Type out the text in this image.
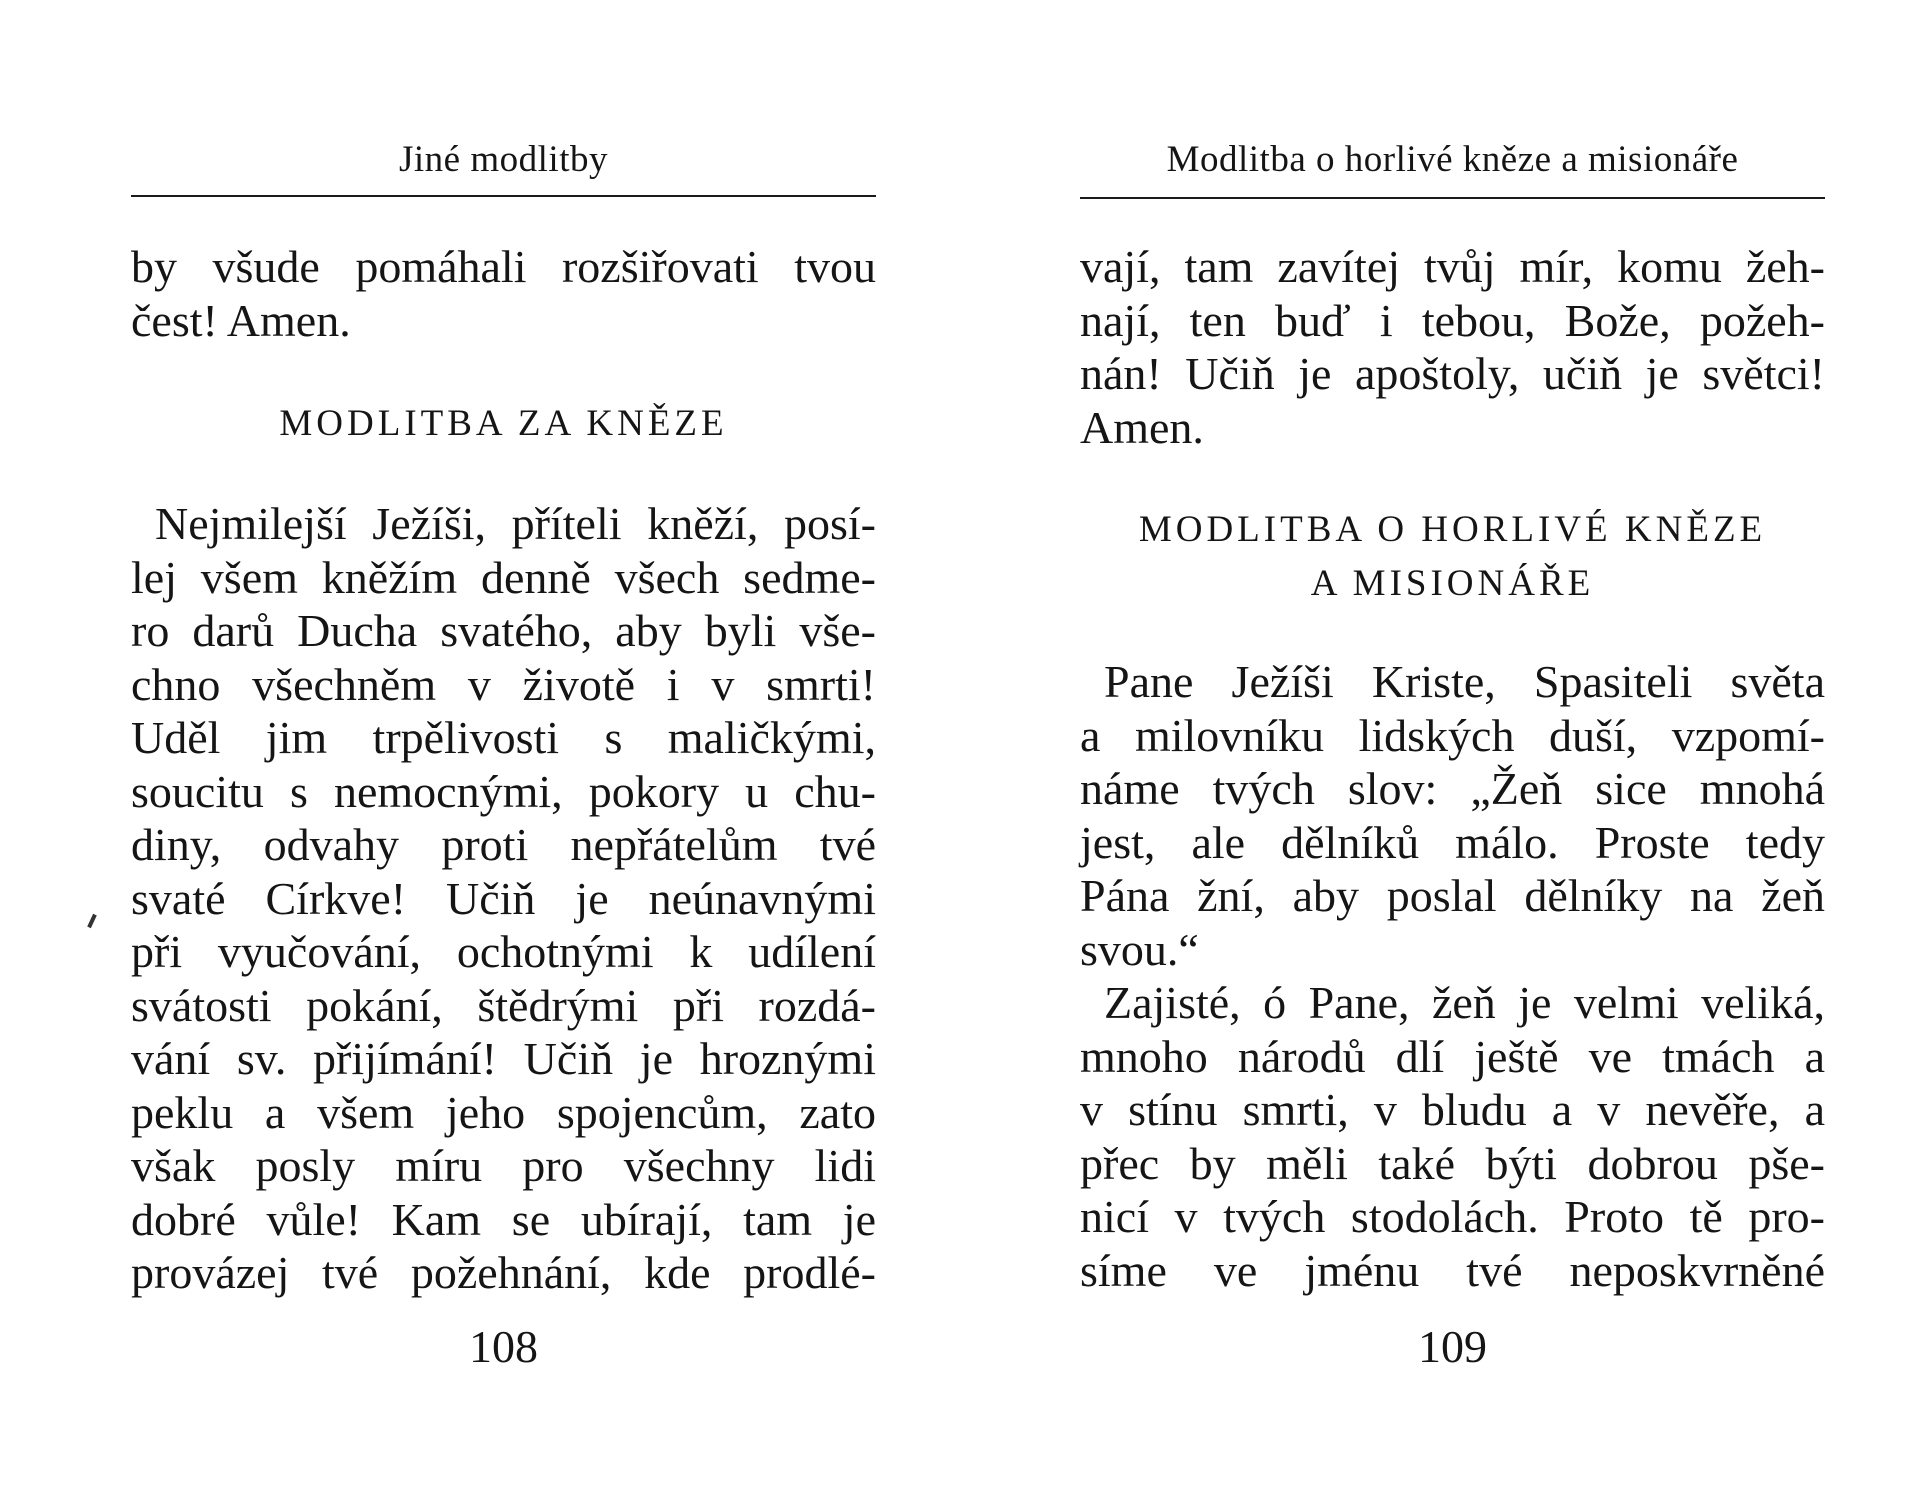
Jiné modlitby
by všude pomáhali rozšiřovati tvou
čest! Amen.
MODLITBA ZA KNĚZE
Nejmilejší Ježíši, příteli kněží, posí-
lej všem kněžím denně všech sedme-
ro darů Ducha svatého, aby byli vše-
chno všechněm v životě i v smrti!
Uděl jim trpělivosti s maličkými,
soucitu s nemocnými, pokory u chu-
diny, odvahy proti nepřátelům tvé
svaté Církve! Učiň je neúnavnými
při vyučování, ochotnými k udílení
svátosti pokání, štědrými při rozdá-
vání sv. přijímání! Učiň je hroznými
peklu a všem jeho spojencům, zato
však posly míru pro všechny lidi
dobré vůle! Kam se ubírají, tam je
provázej tvé požehnání, kde prodlé-
108
Modlitba o horlivé kněze a misionáře
vají, tam zavítej tvůj mír, komu žeh-
nají, ten buď i tebou, Bože, požeh-
nán! Učiň je apoštoly, učiň je světci!
Amen.
MODLITBA O HORLIVÉ KNĚZE
A MISIONÁŘE
Pane Ježíši Kriste, Spasiteli světa
a milovníku lidských duší, vzpomí-
náme tvých slov: „Žeň sice mnohá
jest, ale dělníků málo. Proste tedy
Pána žní, aby poslal dělníky na žeň
svou.“
Zajisté, ó Pane, žeň je velmi veliká,
mnoho národů dlí ještě ve tmách a
v stínu smrti, v bludu a v nevěře, a
přec by měli také býti dobrou pše-
nicí v tvých stodolách. Proto tě pro-
síme ve jménu tvé neposkvrněné
109
